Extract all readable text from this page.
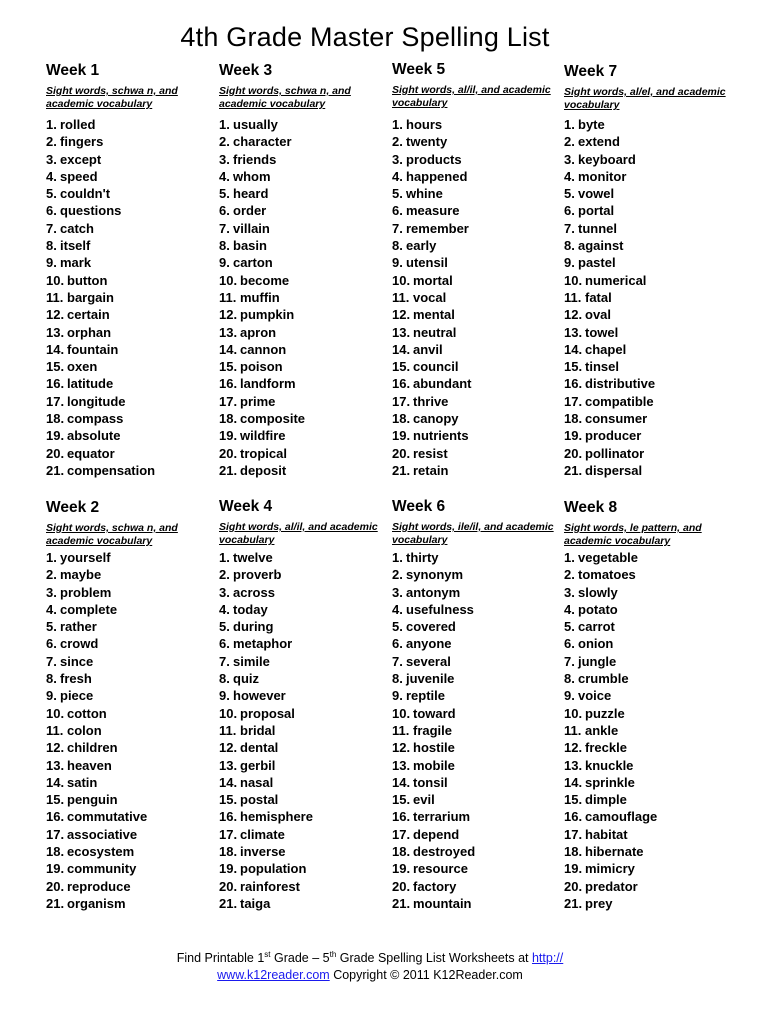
4th Grade Master Spelling List
Week 1
Sight words, schwa n, and academic vocabulary
1. rolled
2. fingers
3. except
4. speed
5. couldn't
6. questions
7. catch
8. itself
9. mark
10. button
11. bargain
12. certain
13. orphan
14. fountain
15. oxen
16. latitude
17. longitude
18. compass
19. absolute
20. equator
21. compensation
Week 3
Sight words, schwa n, and academic vocabulary
1. usually
2. character
3. friends
4. whom
5. heard
6. order
7. villain
8. basin
9. carton
10. become
11. muffin
12. pumpkin
13. apron
14. cannon
15. poison
16. landform
17. prime
18. composite
19. wildfire
20. tropical
21. deposit
Week 5
Sight words, al/il, and academic vocabulary
1. hours
2. twenty
3. products
4. happened
5. whine
6. measure
7. remember
8. early
9. utensil
10. mortal
11. vocal
12. mental
13. neutral
14. anvil
15. council
16. abundant
17. thrive
18. canopy
19. nutrients
20. resist
21. retain
Week 7
Sight words, al/el, and academic vocabulary
1. byte
2. extend
3. keyboard
4. monitor
5. vowel
6. portal
7. tunnel
8. against
9. pastel
10. numerical
11. fatal
12. oval
13. towel
14. chapel
15. tinsel
16. distributive
17. compatible
18. consumer
19. producer
20. pollinator
21. dispersal
Week 2
Sight words, schwa n, and academic vocabulary
1. yourself
2. maybe
3. problem
4. complete
5. rather
6. crowd
7. since
8. fresh
9. piece
10. cotton
11. colon
12. children
13. heaven
14. satin
15. penguin
16. commutative
17. associative
18. ecosystem
19. community
20. reproduce
21. organism
Week 4
Sight words, al/il, and academic vocabulary
1. twelve
2. proverb
3. across
4. today
5. during
6. metaphor
7. simile
8. quiz
9. however
10. proposal
11. bridal
12. dental
13. gerbil
14. nasal
15. postal
16. hemisphere
17. climate
18. inverse
19. population
20. rainforest
21. taiga
Week 6
Sight words, ile/il, and academic vocabulary
1. thirty
2. synonym
3. antonym
4. usefulness
5. covered
6. anyone
7. several
8. juvenile
9. reptile
10. toward
11. fragile
12. hostile
13. mobile
14. tonsil
15. evil
16. terrarium
17. depend
18. destroyed
19. resource
20. factory
21. mountain
Week 8
Sight words, le pattern, and academic vocabulary
1. vegetable
2. tomatoes
3. slowly
4. potato
5. carrot
6. onion
7. jungle
8. crumble
9. voice
10. puzzle
11. ankle
12. freckle
13. knuckle
14. sprinkle
15. dimple
16. camouflage
17. habitat
18. hibernate
19. mimicry
20. predator
21. prey
Find Printable 1st Grade – 5th Grade Spelling List Worksheets at http://
www.k12reader.com Copyright © 2011 K12Reader.com
